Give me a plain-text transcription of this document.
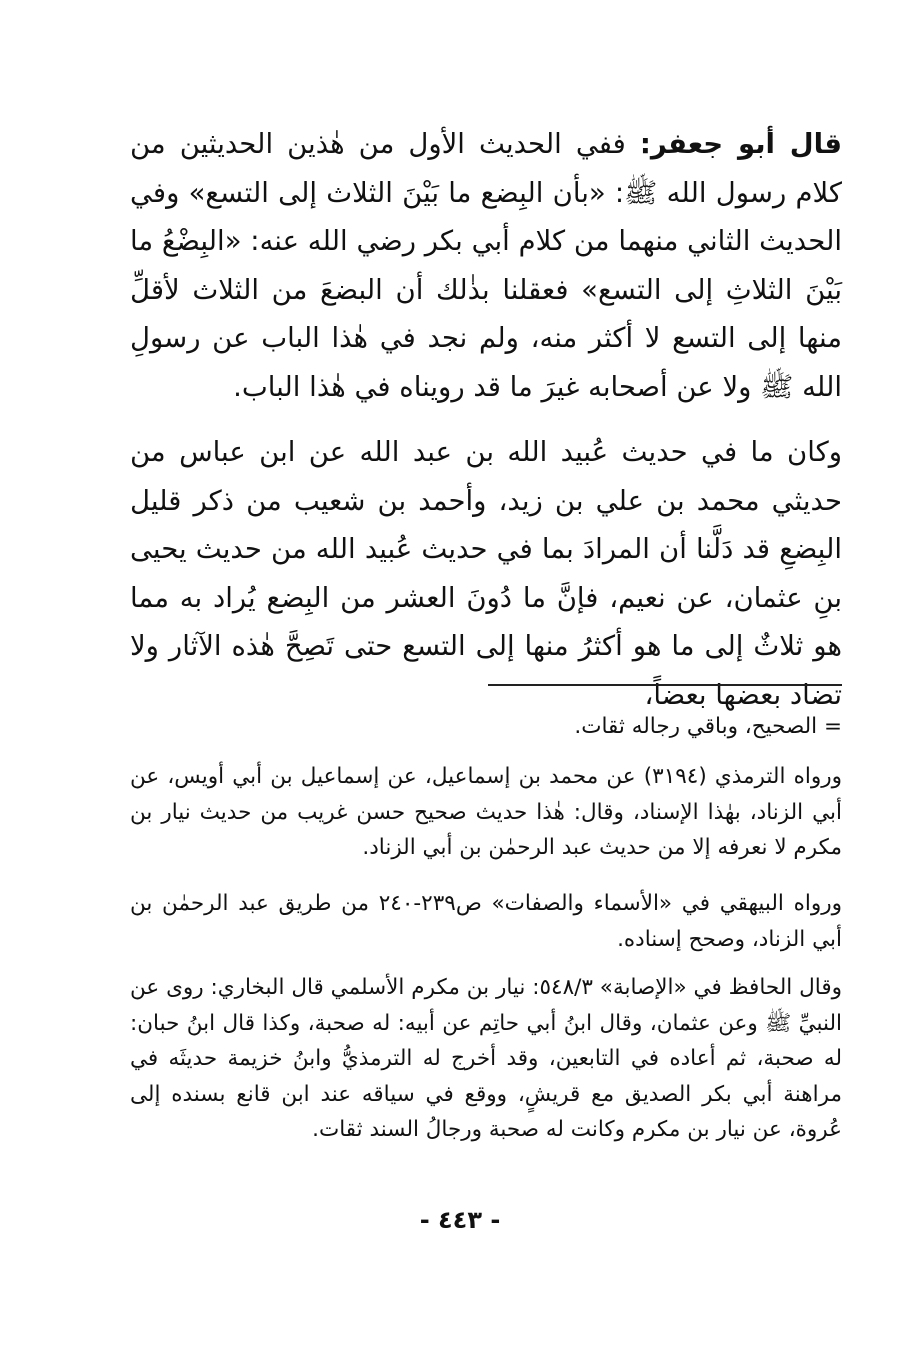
قال أبو جعفر: ففي الحديث الأول من هٰذين الحديثين من كلام رسول الله ﷺ: «بأن البِضع ما بَيْنَ الثلاث إلى التسع» وفي الحديث الثاني منهما من كلام أبي بكر رضي الله عنه: «البِضْعُ ما بَيْنَ الثلاثِ إلى التسع» فعقلنا بذٰلك أن البضعَ من الثلاث لأقلِّ منها إلى التسع لا أكثر منه، ولم نجد في هٰذا الباب عن رسولِ الله ﷺ ولا عن أصحابه غيرَ ما قد رويناه في هٰذا الباب.

وكان ما في حديث عُبيد الله بن عبد الله عن ابن عباس من حديثي محمد بن علي بن زيد، وأحمد بن شعيب من ذكر قليل البِضعِ قد دَلَّنا أن المرادَ بما في حديث عُبيد الله من حديث يحيى بنِ عثمان، عن نعيم، فإنَّ ما دُونَ العشر من البِضع يُراد به مما هو ثلاثٌ إلى ما هو أكثرُ منها إلى التسع حتى تَصِحَّ هٰذه الآثار ولا تضاد بعضها بعضاً،

= الصحيح، وباقي رجاله ثقات.

ورواه الترمذي (٣١٩٤) عن محمد بن إسماعيل، عن إسماعيل بن أبي أويس، عن أبي الزناد، بهٰذا الإسناد، وقال: هٰذا حديث صحيح حسن غريب من حديث نيار بن مكرم لا نعرفه إلا من حديث عبد الرحمٰن بن أبي الزناد.

ورواه البيهقي في «الأسماء والصفات» ص٢٣٩-٢٤٠ من طريق عبد الرحمٰن بن أبي الزناد، وصحح إسناده.

وقال الحافظ في «الإصابة» ٥٤٨/٣: نيار بن مكرم الأسلمي قال البخاري: روى عن النبيِّ ﷺ وعن عثمان، وقال ابنُ أبي حاتِم عن أبيه: له صحبة، وكذا قال ابنُ حبان: له صحبة، ثم أعاده في التابعين، وقد أخرج له الترمذيُّ وابنُ خزيمة حديثَه في مراهنة أبي بكر الصديق مع قريشٍ، ووقع في سياقه عند ابن قانع بسنده إلى عُروة، عن نيار بن مكرم وكانت له صحبة ورجالُ السند ثقات.

- ٤٤٣ -
